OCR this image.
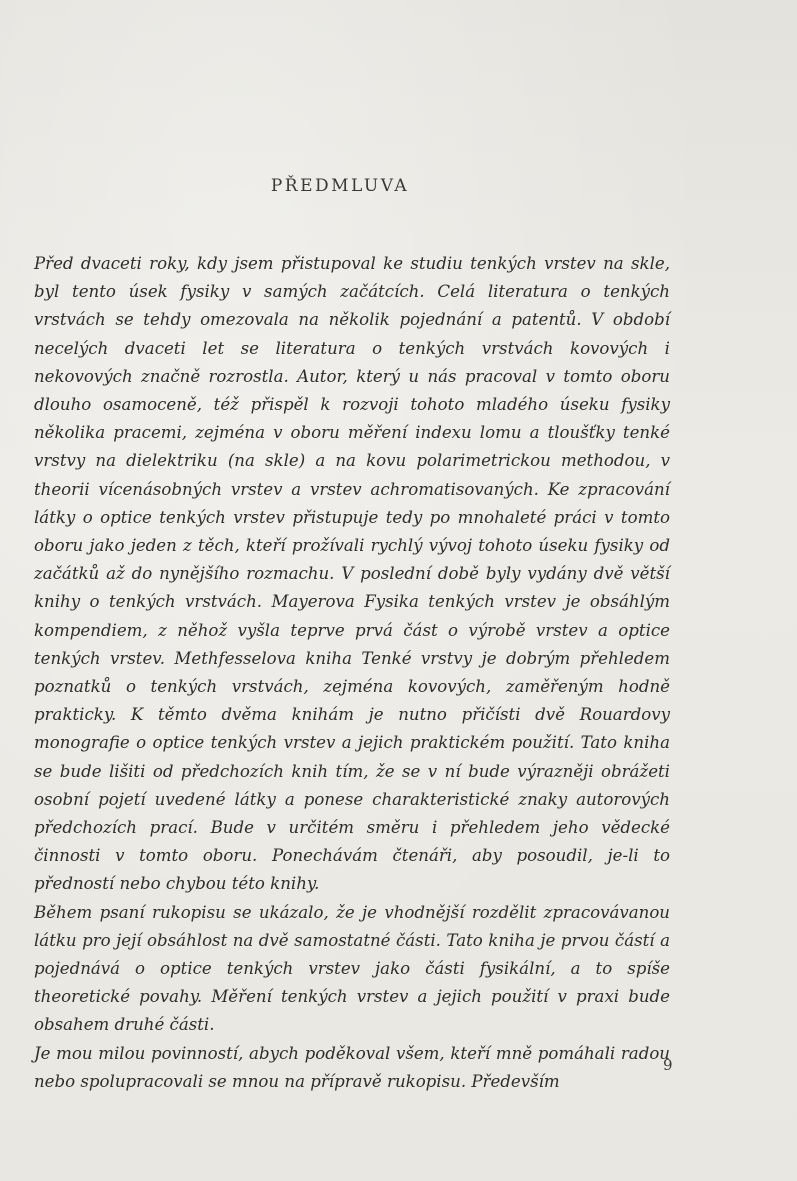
PŘEDMLUVA

Před dvaceti roky, kdy jsem přistupoval ke studiu tenkých vrstev na skle, byl tento úsek fysiky v samých začátcích. Celá literatura o tenkých vrstvách se tehdy omezovala na několik pojednání a patentů. V období necelých dvaceti let se literatura o tenkých vrstvách kovových i nekovových značně rozrostla. Autor, který u nás pracoval v tomto oboru dlouho osamoceně, též přispěl k rozvoji tohoto mladého úseku fysiky několika pracemi, zejména v oboru měření indexu lomu a tloušťky tenké vrstvy na dielektriku (na skle) a na kovu polarimetrickou methodou, v theorii vícenásobných vrstev a vrstev achromatisovaných. Ke zpracování látky o optice tenkých vrstev přistupuje tedy po mnohaleté práci v tomto oboru jako jeden z těch, kteří prožívali rychlý vývoj tohoto úseku fysiky od začátků až do nynějšího rozmachu. V poslední době byly vydány dvě větší knihy o tenkých vrstvách. Mayerova Fysika tenkých vrstev je obsáhlým kompendiem, z něhož vyšla teprve prvá část o výrobě vrstev a optice tenkých vrstev. Methfesselova kniha Tenké vrstvy je dobrým přehledem poznatků o tenkých vrstvách, zejména kovových, zaměřeným hodně prakticky. K těmto dvěma knihám je nutno přičísti dvě Rouardovy monografie o optice tenkých vrstev a jejich praktickém použití. Tato kniha se bude lišiti od předchozích knih tím, že se v ní bude výrazněji obrážeti osobní pojetí uvedené látky a ponese charakteristické znaky autorových předchozích prací. Bude v určitém směru i přehledem jeho vědecké činnosti v tomto oboru. Ponechávám čtenáři, aby posoudil, je-li to předností nebo chybou této knihy.

Během psaní rukopisu se ukázalo, že je vhodnější rozdělit zpracovávanou látku pro její obsáhlost na dvě samostatné části. Tato kniha je prvou částí a pojednává o optice tenkých vrstev jako části fysikální, a to spíše theoretické povahy. Měření tenkých vrstev a jejich použití v praxi bude obsahem druhé části.

Je mou milou povinností, abych poděkoval všem, kteří mně pomáhali radou nebo spolupracovali se mnou na přípravě rukopisu. Především

9
